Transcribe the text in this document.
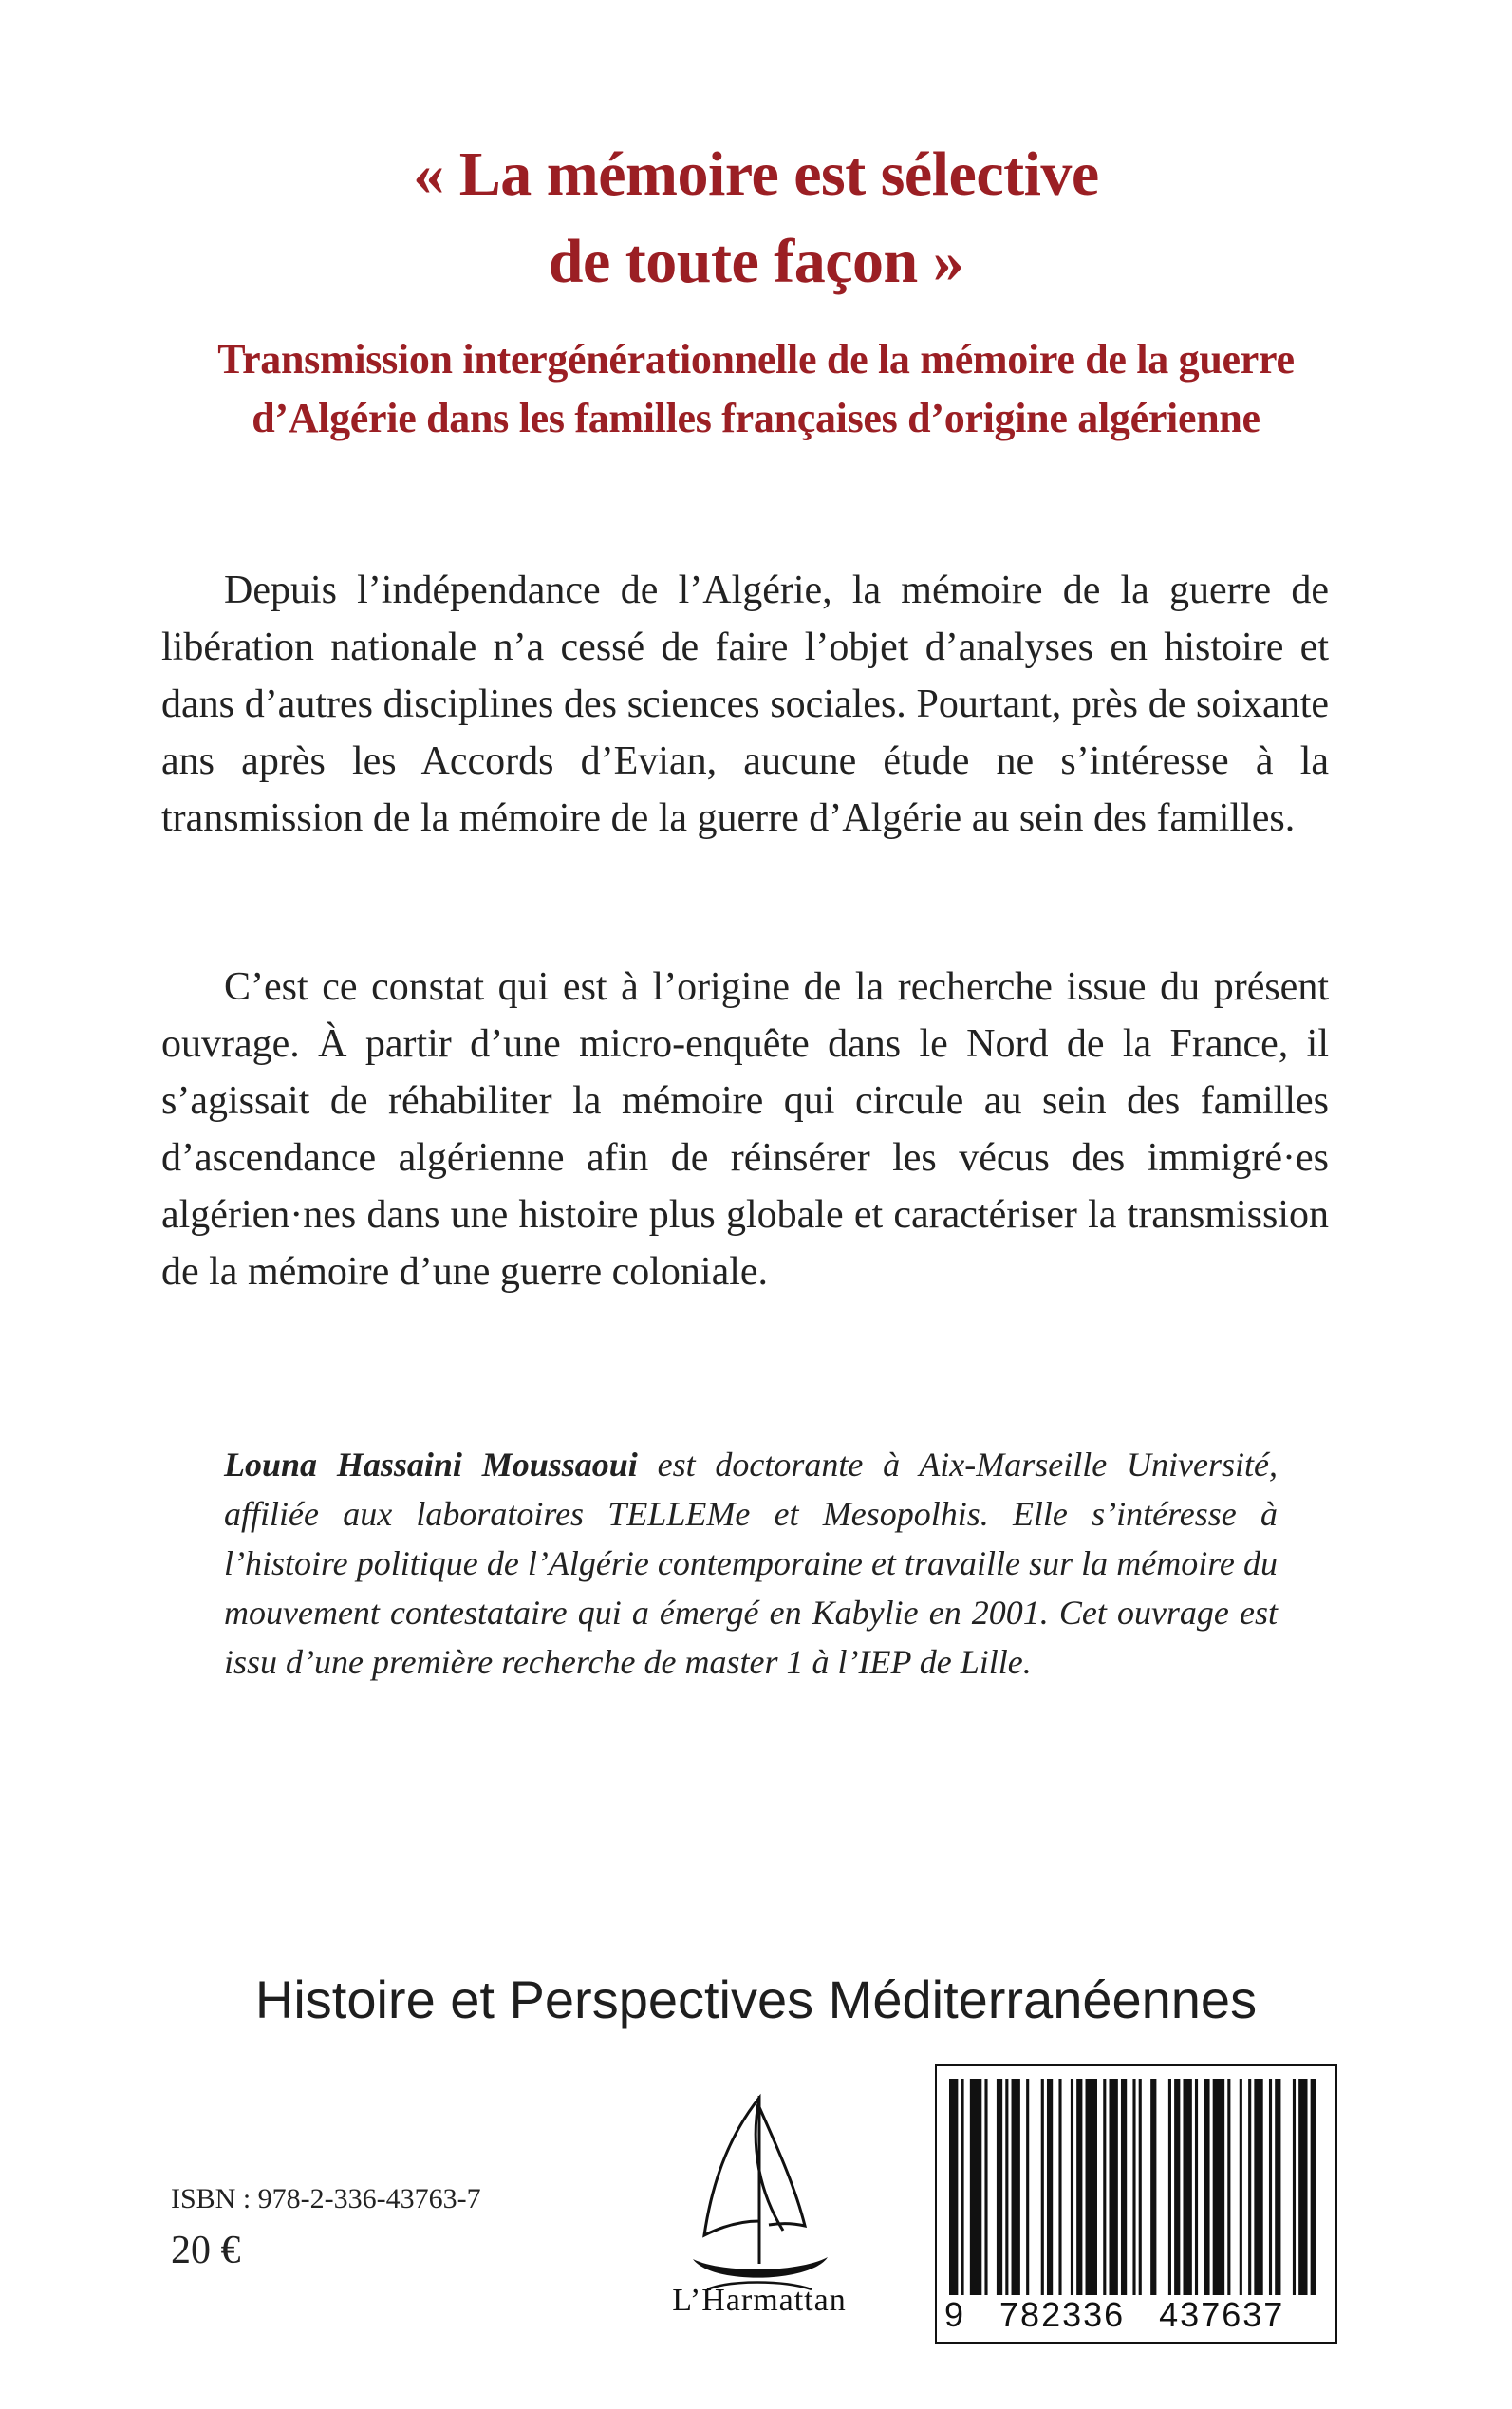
« La mémoire est sélective
de toute façon »
Transmission intergénérationnelle de la mémoire de la guerre
d’Algérie dans les familles françaises d’origine algérienne

Depuis l’indépendance de l’Algérie, la mémoire de la guerre de libération nationale n’a cessé de faire l’objet d’analyses en histoire et dans d’autres disciplines des sciences sociales. Pourtant, près de soixante ans après les Accords d’Evian, aucune étude ne s’intéresse à la transmission de la mémoire de la guerre d’Algérie au sein des familles.

C’est ce constat qui est à l’origine de la recherche issue du présent ouvrage. À partir d’une micro-enquête dans le Nord de la France, il s’agissait de réhabiliter la mémoire qui circule au sein des familles d’ascendance algérienne afin de réinsérer les vécus des immigré·es algérien·nes dans une histoire plus globale et caractériser la transmission de la mémoire d’une guerre coloniale.

Louna Hassaini Moussaoui est doctorante à Aix-Marseille Université, affiliée aux laboratoires TELLEMe et Mesopolhis. Elle s’intéresse à l’histoire politique de l’Algérie contemporaine et travaille sur la mémoire du mouvement contestataire qui a émergé en Kabylie en 2001. Cet ouvrage est issu d’une première recherche de master 1 à l’IEP de Lille.

Histoire et Perspectives Méditerranéennes

ISBN : 978-2-336-43763-7

20 €

L’Harmattan	9   782336   437637
